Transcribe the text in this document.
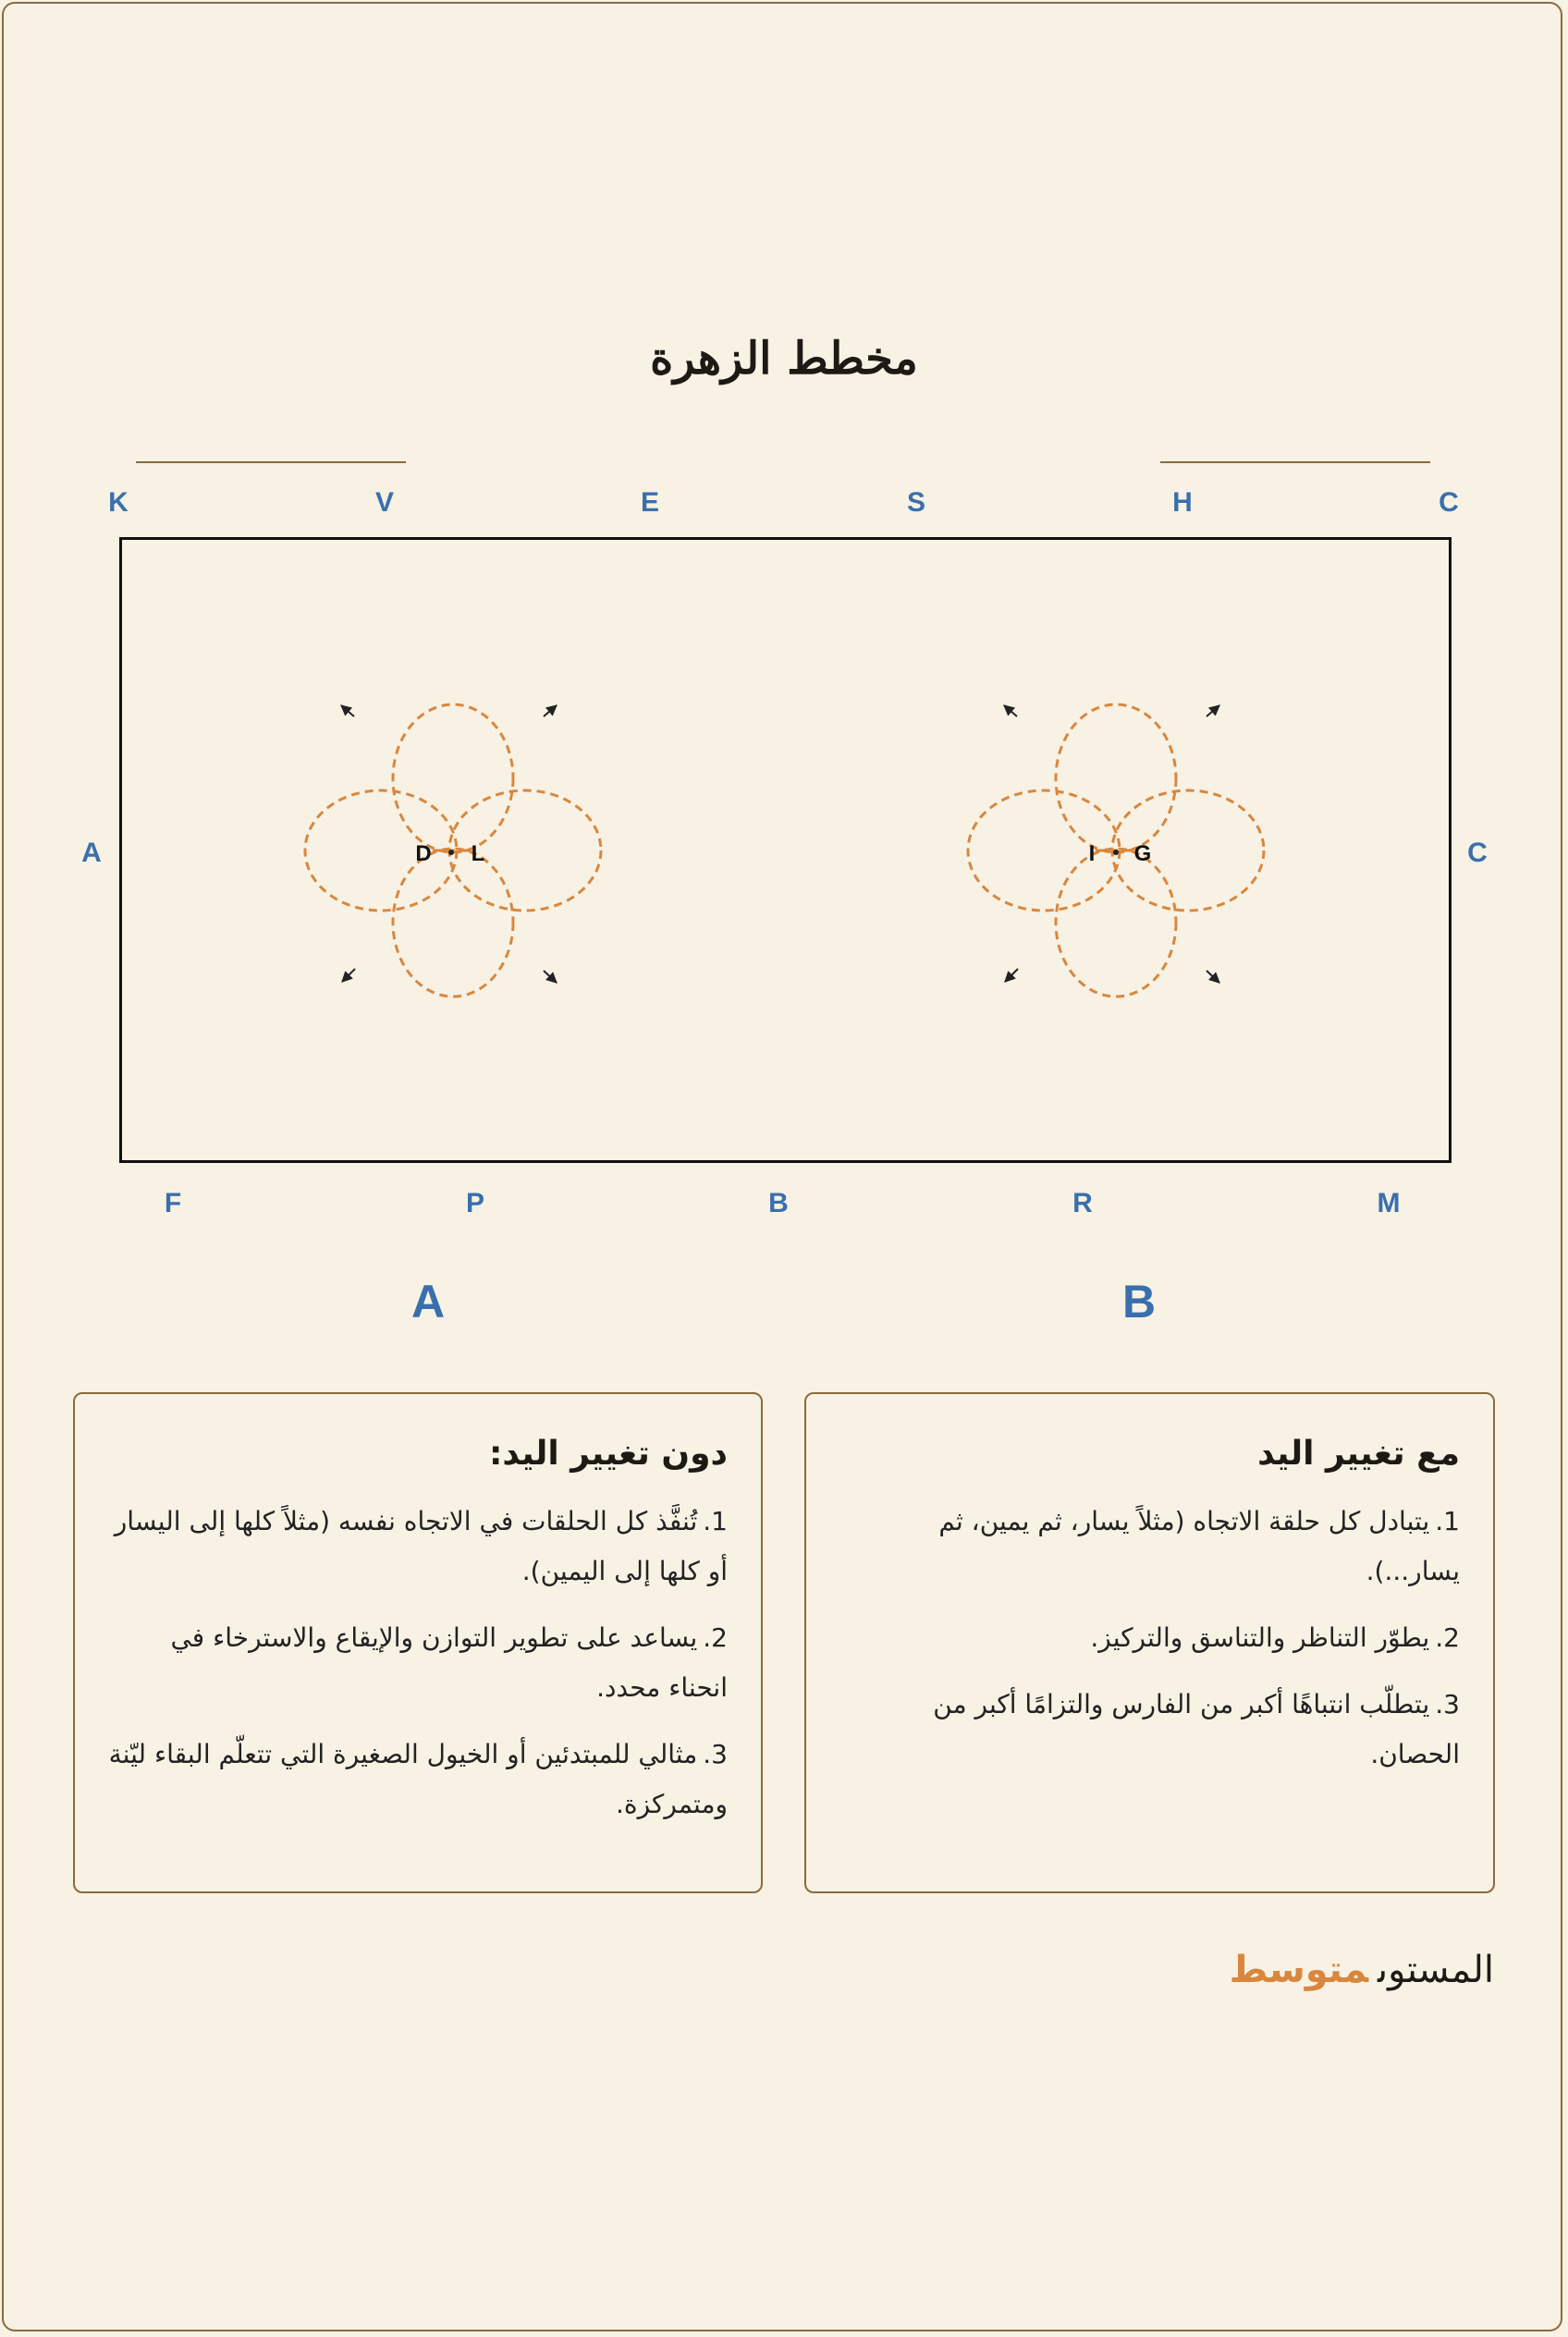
مخطط الزهرة
K	V	E	S	H	C
A	C
F	P	B	R	M
D L	I G
A	B
دون تغيير اليد:
1.تُنفَّذ كل الحلقات في الاتجاه نفسه (مثلاً كلها إلى اليسار أو كلها إلى اليمين).
2.يساعد على تطوير التوازن والإيقاع والاسترخاء في انحناء محدد.
3.مثالي للمبتدئين أو الخيول الصغيرة التي تتعلّم البقاء ليّنة ومتمركزة.
مع تغيير اليد
1.يتبادل كل حلقة الاتجاه (مثلاً يسار، ثم يمين، ثم يسار...).
2.يطوّر التناظر والتناسق والتركيز.
3.يتطلّب انتباهًا أكبر من الفارس والتزامًا أكبر من الحصان.
المستوىمتوسط
